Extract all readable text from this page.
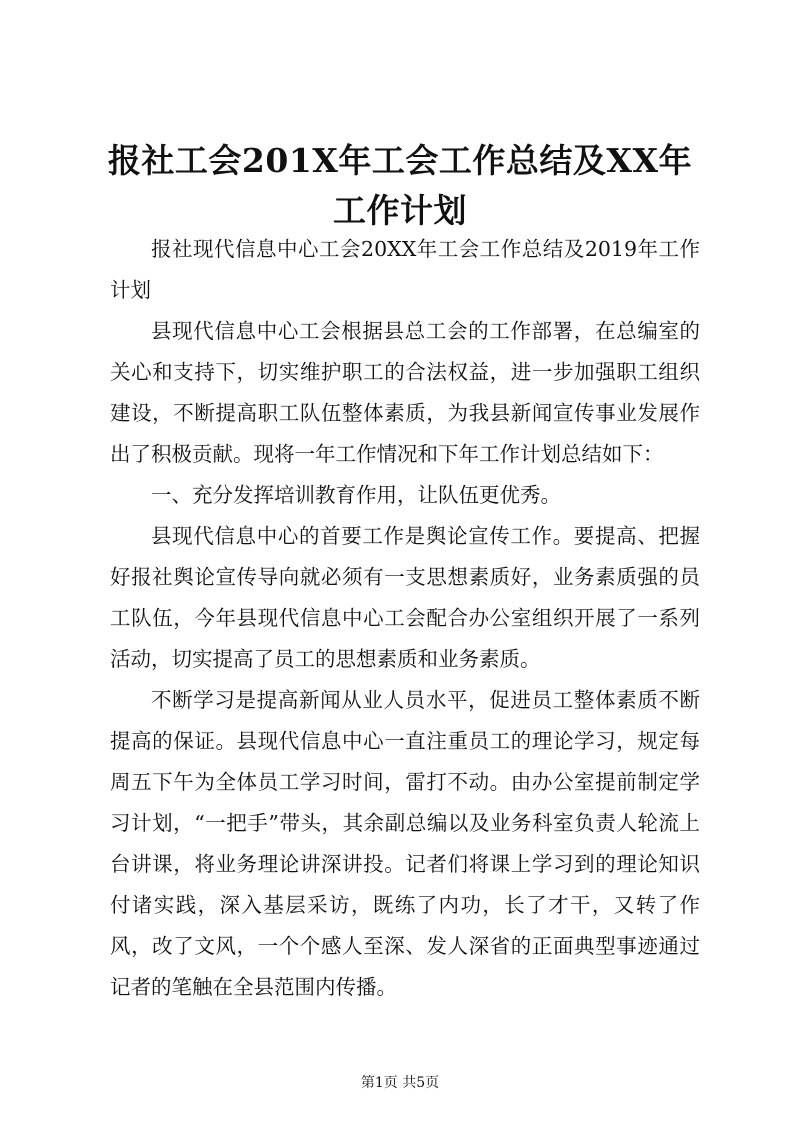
报社工会201X年工会工作总结及XX年工作计划

报社现代信息中心工会20XX年工会工作总结及2019年工作计划

县现代信息中心工会根据县总工会的工作部署，在总编室的关心和支持下，切实维护职工的合法权益，进一步加强职工组织建设，不断提高职工队伍整体素质，为我县新闻宣传事业发展作出了积极贡献。现将一年工作情况和下年工作计划总结如下：

一、充分发挥培训教育作用，让队伍更优秀。

县现代信息中心的首要工作是舆论宣传工作。要提高、把握好报社舆论宣传导向就必须有一支思想素质好，业务素质强的员工队伍，今年县现代信息中心工会配合办公室组织开展了一系列活动，切实提高了员工的思想素质和业务素质。

不断学习是提高新闻从业人员水平，促进员工整体素质不断提高的保证。县现代信息中心一直注重员工的理论学习，规定每周五下午为全体员工学习时间，雷打不动。由办公室提前制定学习计划，“一把手”带头，其余副总编以及业务科室负责人轮流上台讲课，将业务理论讲深讲投。记者们将课上学习到的理论知识付诸实践，深入基层采访，既练了内功，长了才干，又转了作风，改了文风，一个个感人至深、发人深省的正面典型事迹通过记者的笔触在全县范围内传播。

第1页 共5页
